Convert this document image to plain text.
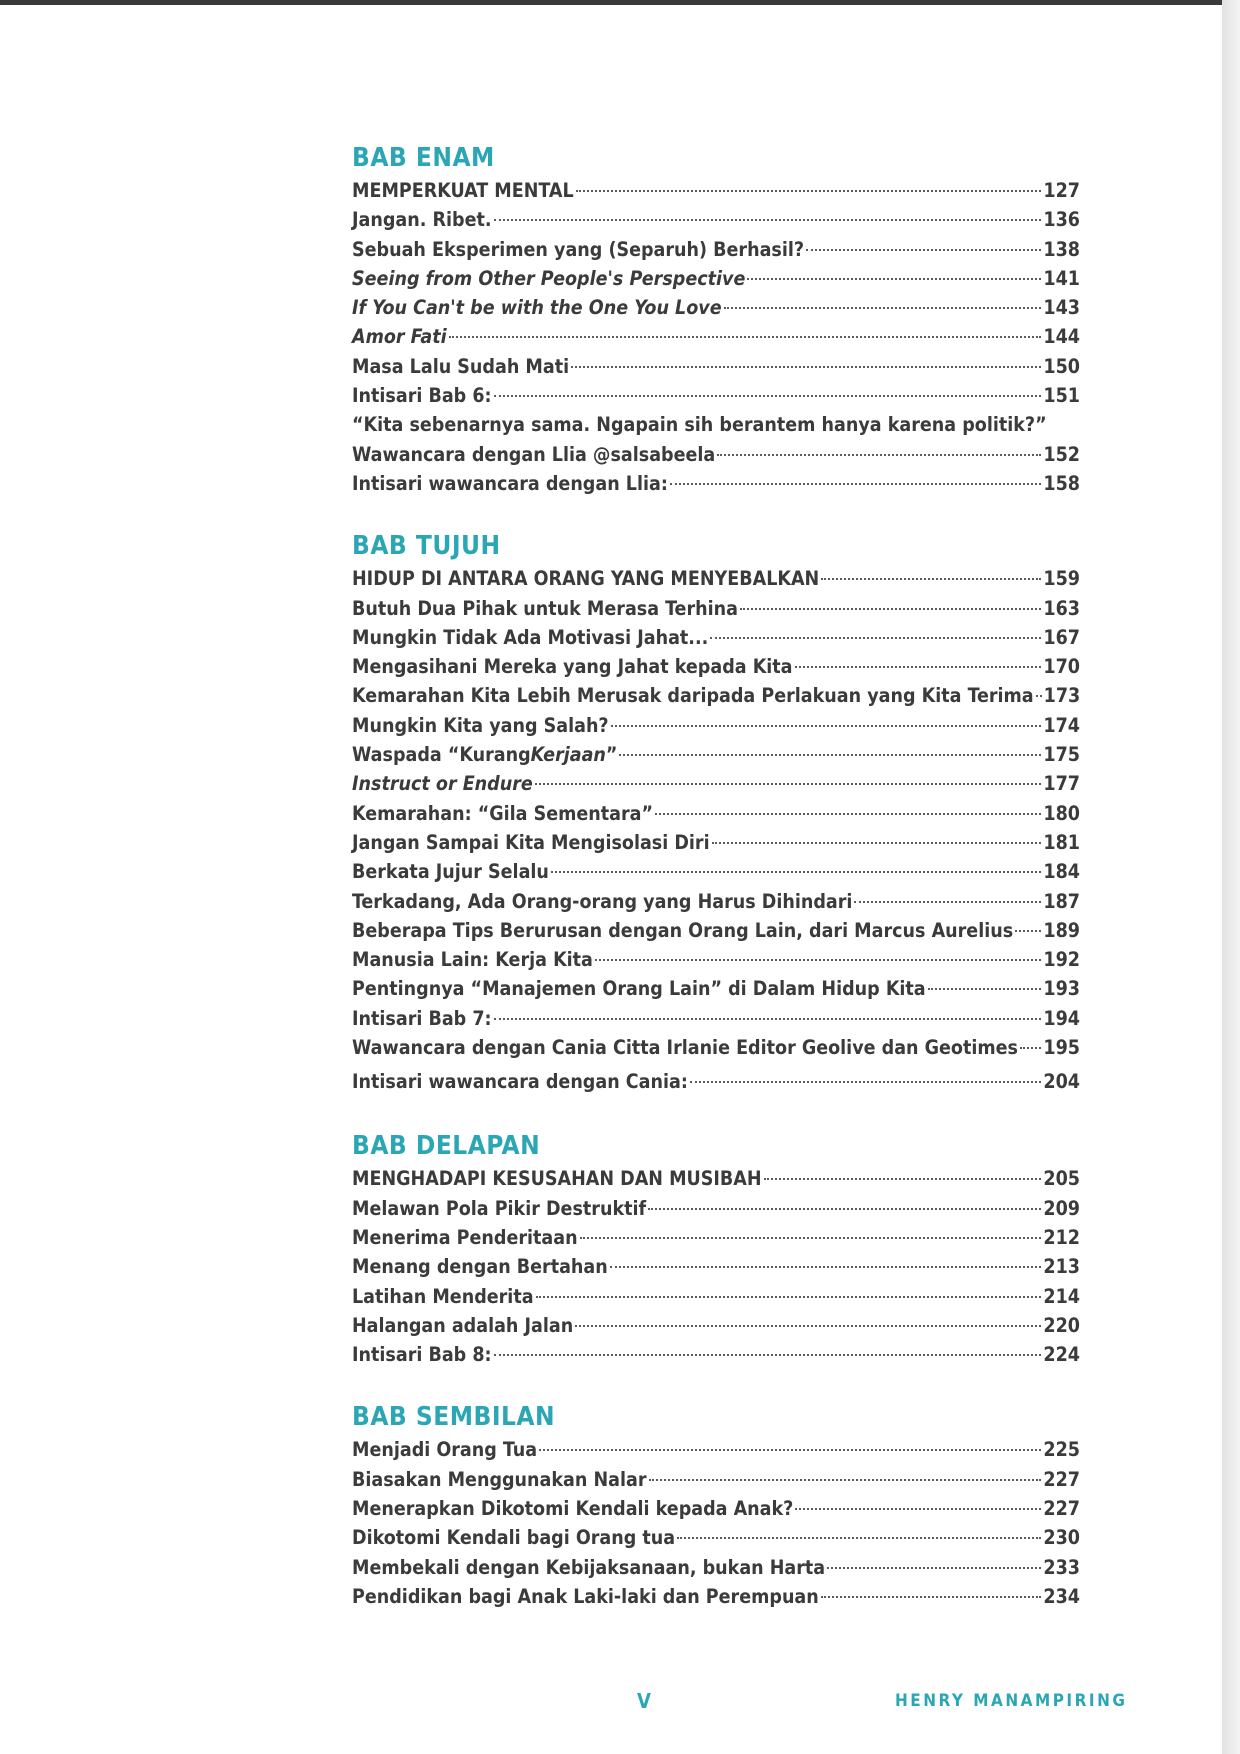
BAB ENAM
MEMPERKUAT MENTAL	127
Jangan. Ribet.	136
Sebuah Eksperimen yang (Separuh) Berhasil?	138
Seeing from Other People's Perspective	141
If You Can't be with the One You Love	143
Amor Fati	144
Masa Lalu Sudah Mati	150
Intisari Bab 6:	151
“Kita sebenarnya sama. Ngapain sih berantem hanya karena politik?”
Wawancara dengan Llia @salsabeela	152
Intisari wawancara dengan Llia:	158
BAB TUJUH
HIDUP DI ANTARA ORANG YANG MENYEBALKAN	159
Butuh Dua Pihak untuk Merasa Terhina	163
Mungkin Tidak Ada Motivasi Jahat...	167
Mengasihani Mereka yang Jahat kepada Kita	170
Kemarahan Kita Lebih Merusak daripada Perlakuan yang Kita Terima 173
Mungkin Kita yang Salah?	174
Waspada “Kurang Kerjaan ”	175
Instruct or Endure	177
Kemarahan: “Gila Sementara”	180
Jangan Sampai Kita Mengisolasi Diri	181
Berkata Jujur Selalu	184
Terkadang, Ada Orang-orang yang Harus Dihindari	187
Beberapa Tips Berurusan dengan Orang Lain, dari Marcus Aurelius 189
Manusia Lain: Kerja Kita	192
Pentingnya “Manajemen Orang Lain” di Dalam Hidup Kita	193
Intisari Bab 7:	194
Wawancara dengan Cania Citta Irlanie Editor Geolive dan Geotimes 195
Intisari wawancara dengan Cania:	204
BAB DELAPAN
MENGHADAPI KESUSAHAN DAN MUSIBAH	205
Melawan Pola Pikir Destruktif	209
Menerima Penderitaan	212
Menang dengan Bertahan	213
Latihan Menderita	214
Halangan adalah Jalan	220
Intisari Bab 8:	224
BAB SEMBILAN
Menjadi Orang Tua	225
Biasakan Menggunakan Nalar	227
Menerapkan Dikotomi Kendali kepada Anak?	227
Dikotomi Kendali bagi Orang tua	230
Membekali dengan Kebijaksanaan, bukan Harta	233
Pendidikan bagi Anak Laki-laki dan Perempuan	234
V	HENRY MANAMPIRING
